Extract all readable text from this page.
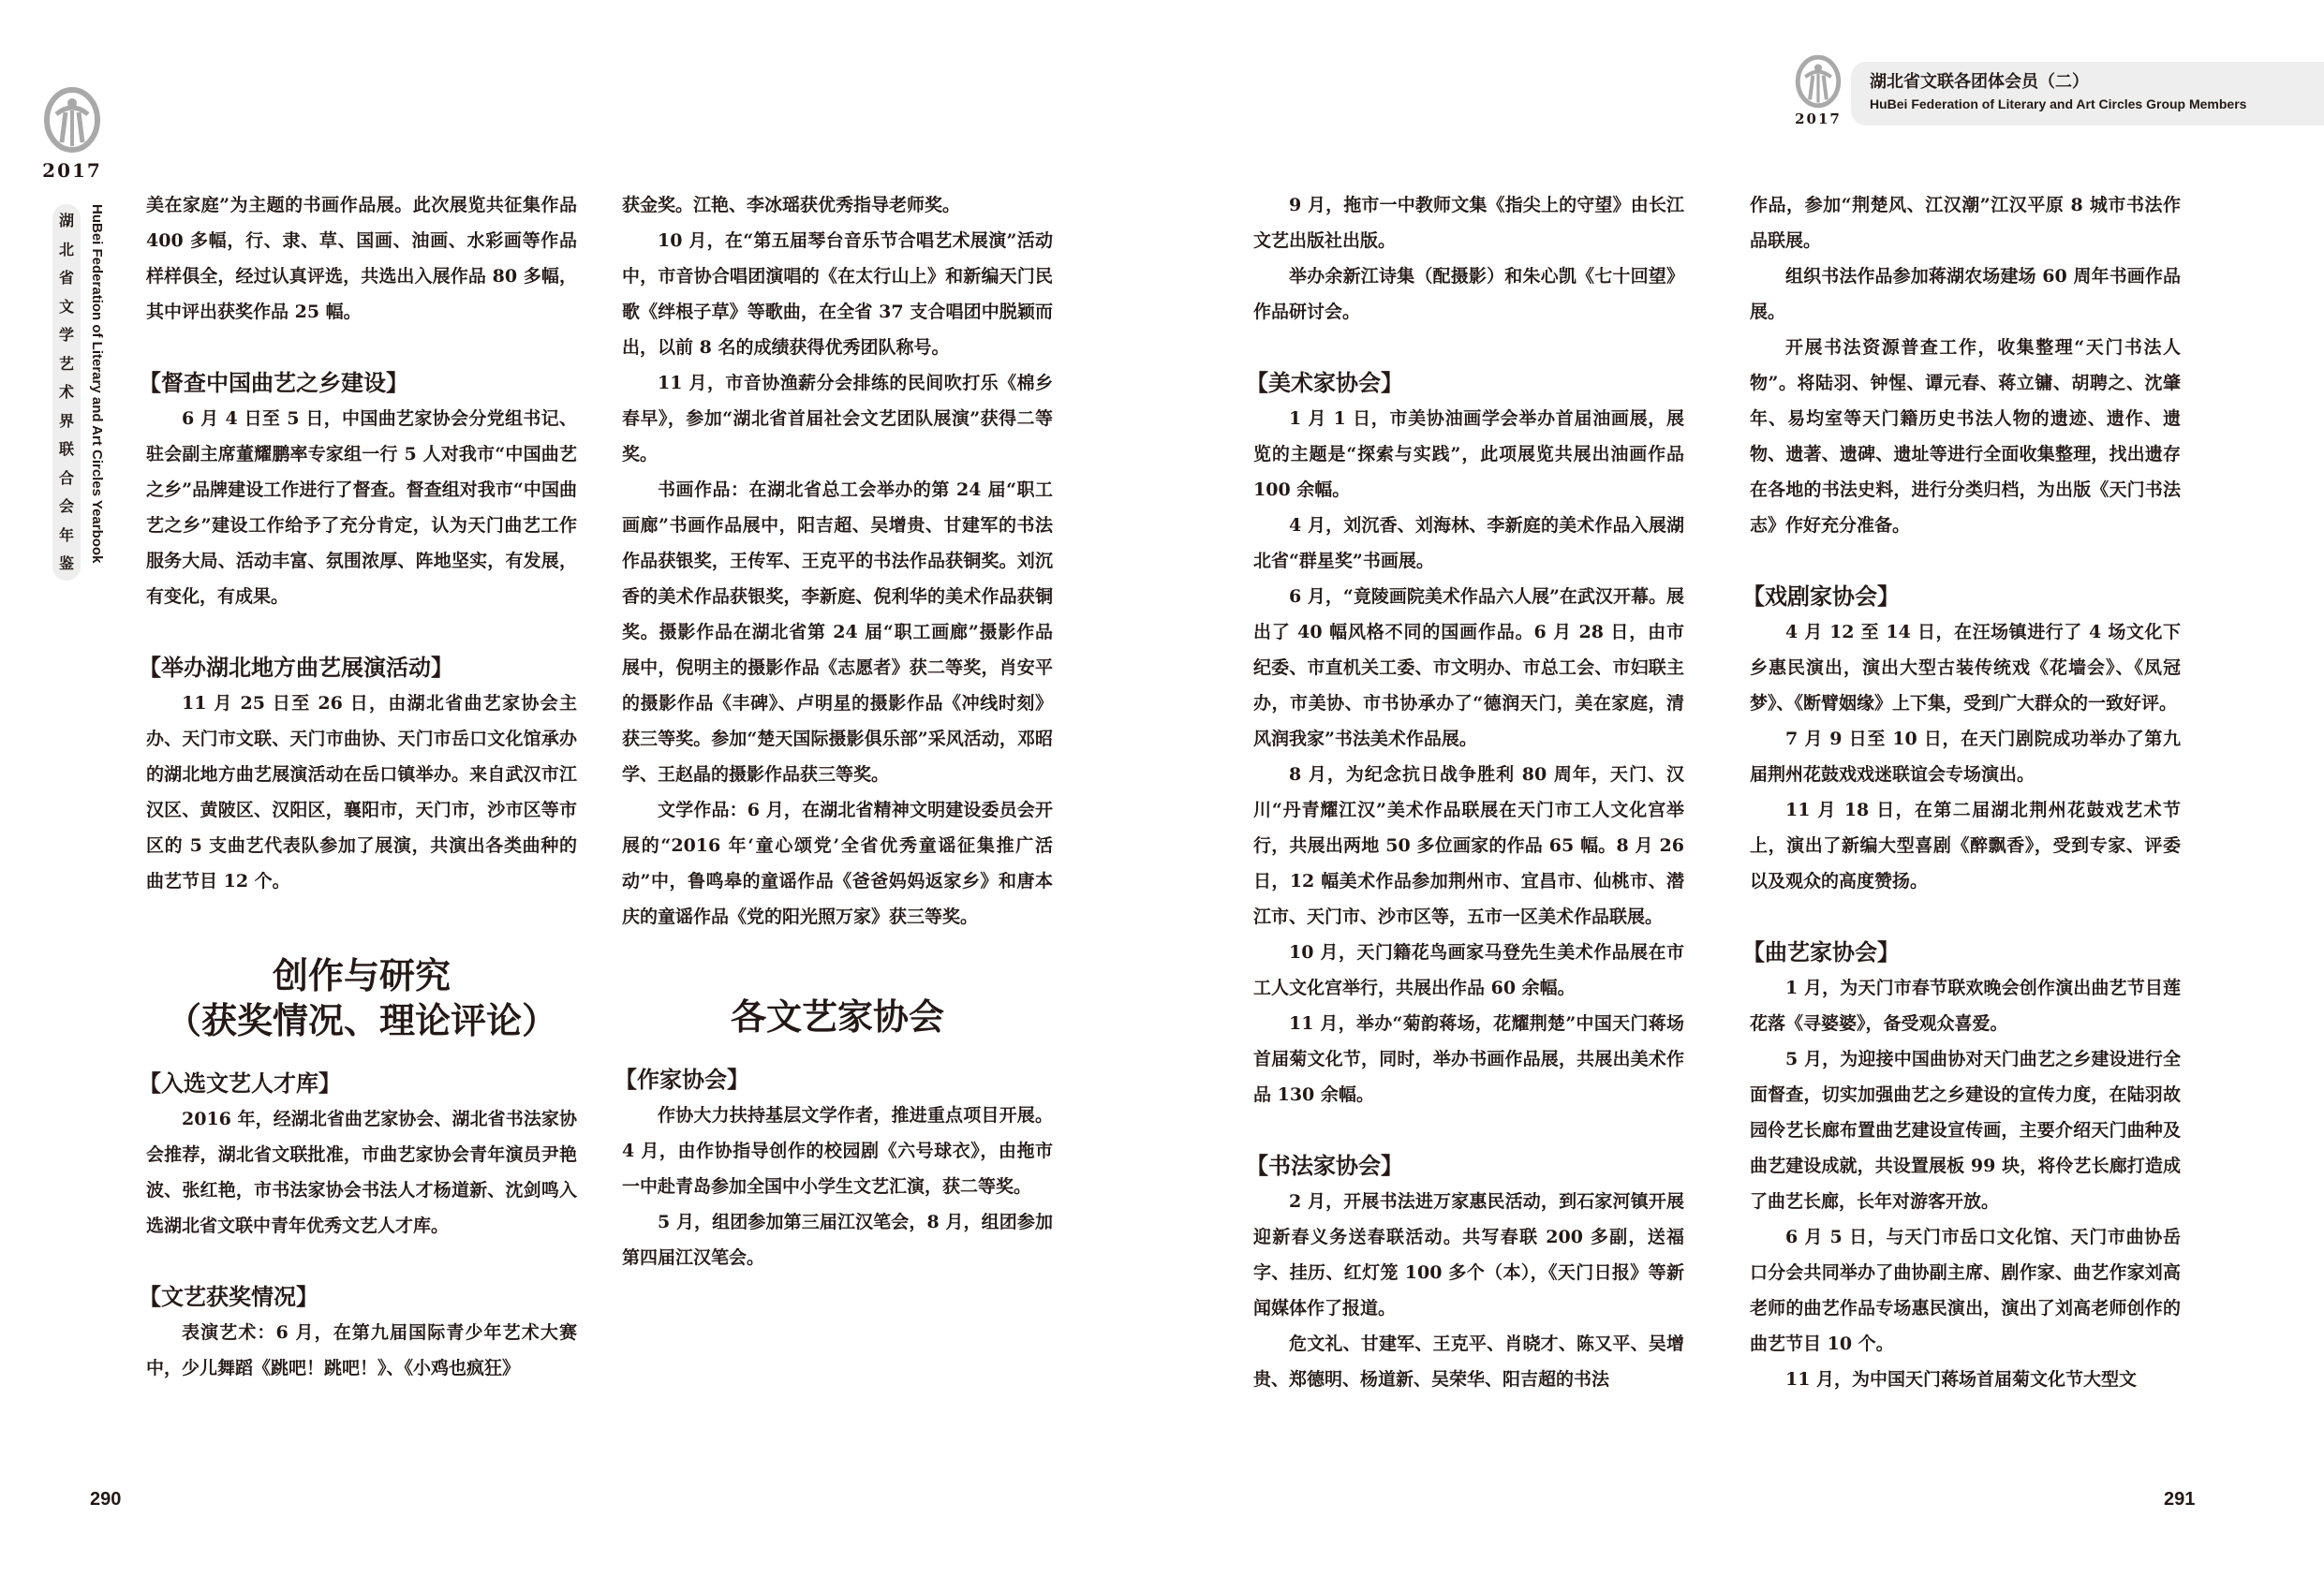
2017
湖
北
省
文
学
艺
术
界
联
合
会
年
鉴
HuBei Federation of Literary and Art Circles Yearbook 美在家庭”为主题的书画作品展。此次展览共征集作品 400 多幅，行、隶、草、国画、油画、水彩画等作品样样俱全，经过认真评选，共选出入展作品 80 多幅，其中评出获奖作品 25 幅。

【督查中国曲艺之乡建设】

6 月 4 日至 5 日，中国曲艺家协会分党组书记、驻会副主席董耀鹏率专家组一行 5 人对我市“中国曲艺之乡”品牌建设工作进行了督查。督查组对我市“中国曲艺之乡”建设工作给予了充分肯定，认为天门曲艺工作服务大局、活动丰富、氛围浓厚、阵地坚实，有发展，有变化，有成果。

【举办湖北地方曲艺展演活动】

11 月 25 日至 26 日，由湖北省曲艺家协会主办、天门市文联、天门市曲协、天门市岳口文化馆承办的湖北地方曲艺展演活动在岳口镇举办。来自武汉市江汉区、黄陂区、汉阳区，襄阳市，天门市，沙市区等市区的 5 支曲艺代表队参加了展演，共演出各类曲种的曲艺节目 12 个。

创作与研究
（获奖情况、理论评论）
【入选文艺人才库】

2016 年，经湖北省曲艺家协会、湖北省书法家协会推荐，湖北省文联批准，市曲艺家协会青年演员尹艳波、张红艳，市书法家协会书法人才杨道新、沈剑鸣入选湖北省文联中青年优秀文艺人才库。

【文艺获奖情况】

表演艺术：6 月，在第九届国际青少年艺术大赛中，少儿舞蹈《跳吧！跳吧！》、《小鸡也疯狂》

获金奖。江艳、李冰瑶获优秀指导老师奖。

10 月，在“第五届琴台音乐节合唱艺术展演”活动中，市音协合唱团演唱的《在太行山上》和新编天门民歌《绊根子草》等歌曲，在全省 37 支合唱团中脱颖而出，以前 8 名的成绩获得优秀团队称号。

11 月，市音协渔薪分会排练的民间吹打乐《棉乡春早》，参加“湖北省首届社会文艺团队展演”获得二等奖。

书画作品：在湖北省总工会举办的第 24 届“职工画廊”书画作品展中，阳吉超、吴增贵、甘建军的书法作品获银奖，王传军、王克平的书法作品获铜奖。刘沉香的美术作品获银奖，李新庭、倪利华的美术作品获铜奖。摄影作品在湖北省第 24 届“职工画廊”摄影作品展中，倪明主的摄影作品《志愿者》获二等奖，肖安平的摄影作品《丰碑》、卢明星的摄影作品《冲线时刻》获三等奖。参加“楚天国际摄影俱乐部”采风活动，邓昭学、王赵晶的摄影作品获三等奖。

文学作品：6 月，在湖北省精神文明建设委员会开展的“2016 年‘童心颂党’全省优秀童谣征集推广活动”中，鲁鸣皋的童谣作品《爸爸妈妈返家乡》和唐本庆的童谣作品《党的阳光照万家》获三等奖。

各文艺家协会
【作家协会】

作协大力扶持基层文学作者，推进重点项目开展。4 月，由作协指导创作的校园剧《六号球衣》，由拖市一中赴青岛参加全国中小学生文艺汇演，获二等奖。

5 月，组团参加第三届江汉笔会，8 月，组团参加第四届江汉笔会。

290
2017
湖北省文联各团体会员（二）
HuBei Federation of Literary and Art Circles Group Members

9 月，拖市一中教师文集《指尖上的守望》由长江文艺出版社出版。

举办余新江诗集（配摄影）和朱心凯《七十回望》作品研讨会。

【美术家协会】

1 月 1 日，市美协油画学会举办首届油画展，展览的主题是“探索与实践”，此项展览共展出油画作品 100 余幅。

4 月，刘沉香、刘海林、李新庭的美术作品入展湖北省“群星奖”书画展。

6 月，“竟陵画院美术作品六人展”在武汉开幕。展出了 40 幅风格不同的国画作品。6 月 28 日，由市纪委、市直机关工委、市文明办、市总工会、市妇联主办，市美协、市书协承办了“德润天门，美在家庭，清风润我家”书法美术作品展。

8 月，为纪念抗日战争胜利 80 周年，天门、汉川“丹青耀江汉”美术作品联展在天门市工人文化宫举行，共展出两地 50 多位画家的作品 65 幅。8 月 26 日，12 幅美术作品参加荆州市、宜昌市、仙桃市、潜江市、天门市、沙市区等，五市一区美术作品联展。

10 月，天门籍花鸟画家马登先生美术作品展在市工人文化宫举行，共展出作品 60 余幅。

11 月，举办“菊韵蒋场，花耀荆楚”中国天门蒋场首届菊文化节，同时，举办书画作品展，共展出美术作品 130 余幅。

【书法家协会】

2 月，开展书法进万家惠民活动，到石家河镇开展迎新春义务送春联活动。共写春联 200 多副，送福字、挂历、红灯笼 100 多个（本），《天门日报》等新闻媒体作了报道。

危文礼、甘建军、王克平、肖晓才、陈又平、吴增贵、郑德明、杨道新、吴荣华、阳吉超的书法

作品，参加“荆楚风、江汉潮”江汉平原 8 城市书法作品联展。

组织书法作品参加蒋湖农场建场 60 周年书画作品展。

开展书法资源普查工作，收集整理“天门书法人物”。将陆羽、钟惺、谭元春、蒋立镛、胡聘之、沈肇年、易均室等天门籍历史书法人物的遗迹、遗作、遗物、遗著、遗碑、遗址等进行全面收集整理，找出遗存在各地的书法史料，进行分类归档，为出版《天门书法志》作好充分准备。

【戏剧家协会】

4 月 12 至 14 日，在汪场镇进行了 4 场文化下乡惠民演出，演出大型古装传统戏《花墙会》、《凤冠梦》、《断臂姻缘》上下集，受到广大群众的一致好评。

7 月 9 日至 10 日，在天门剧院成功举办了第九届荆州花鼓戏戏迷联谊会专场演出。

11 月 18 日，在第二届湖北荆州花鼓戏艺术节上，演出了新编大型喜剧《醉飘香》，受到专家、评委以及观众的高度赞扬。

【曲艺家协会】

1 月，为天门市春节联欢晚会创作演出曲艺节目莲花落《寻婆婆》，备受观众喜爱。

5 月，为迎接中国曲协对天门曲艺之乡建设进行全面督查，切实加强曲艺之乡建设的宣传力度，在陆羽故园伶艺长廊布置曲艺建设宣传画，主要介绍天门曲种及曲艺建设成就，共设置展板 99 块，将伶艺长廊打造成了曲艺长廊，长年对游客开放。

6 月 5 日，与天门市岳口文化馆、天门市曲协岳口分会共同举办了曲协副主席、剧作家、曲艺作家刘高老师的曲艺作品专场惠民演出，演出了刘高老师创作的曲艺节目 10 个。

11 月，为中国天门蒋场首届菊文化节大型文

291
